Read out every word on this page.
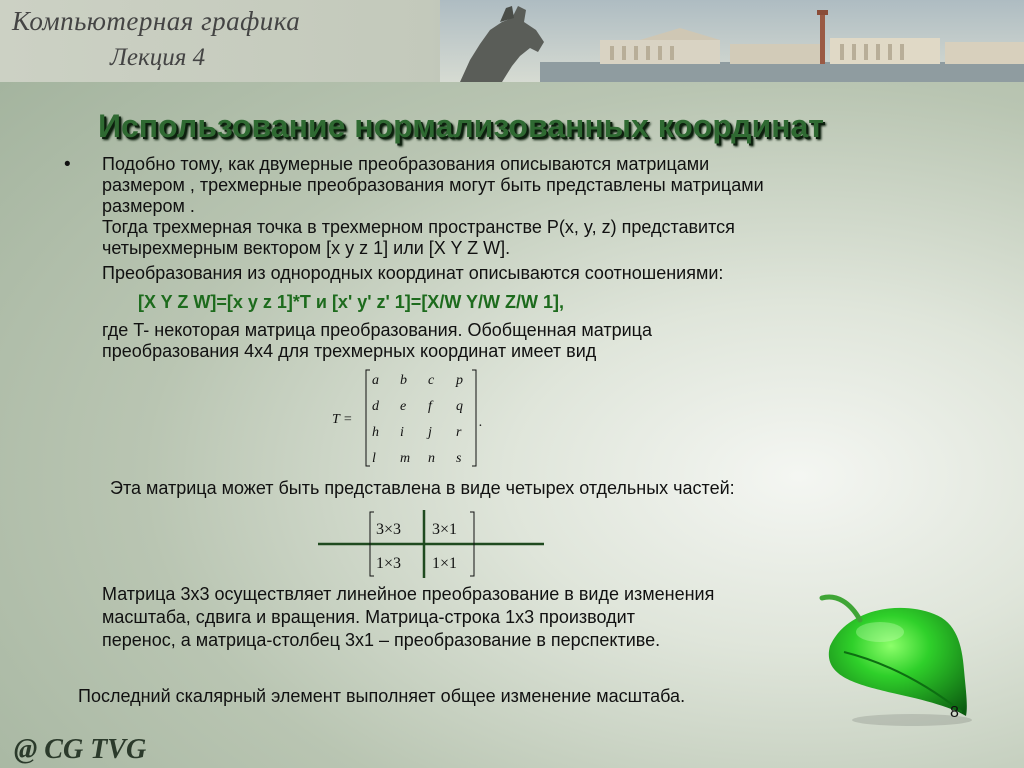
Компьютерная графика
Лекция 4
Использование нормализованных координат
• Подобно тому, как двумерные преобразования описываются матрицами
размером , трехмерные преобразования могут быть представлены матрицами
размером .
Тогда трехмерная точка в трехмерном пространстве P(x, y, z) представится
четырехмерным вектором [x y z 1] или [X Y Z W].
Преобразования из однородных координат описываются соотношениями:
[X Y Z W]=[x y z 1]*T и [x' y' z' 1]=[X/W Y/W Z/W 1],
где T- некоторая матрица преобразования. Обобщенная матрица
преобразования 4х4 для трехмерных координат имеет вид
T =
a b c p
d e f q
h i j r
l m n s
.
Эта матрица может быть представлена в виде четырех отдельных частей:
3×3 3×1
1×3 1×1
Матрица 3х3 осуществляет линейное преобразование в виде изменения
масштаба, сдвига и вращения. Матрица-строка 1х3 производит
перенос, а матрица-столбец 3х1 – преобразование в перспективе.
Последний скалярный элемент выполняет общее изменение масштаба.
@ CG TVG
8
